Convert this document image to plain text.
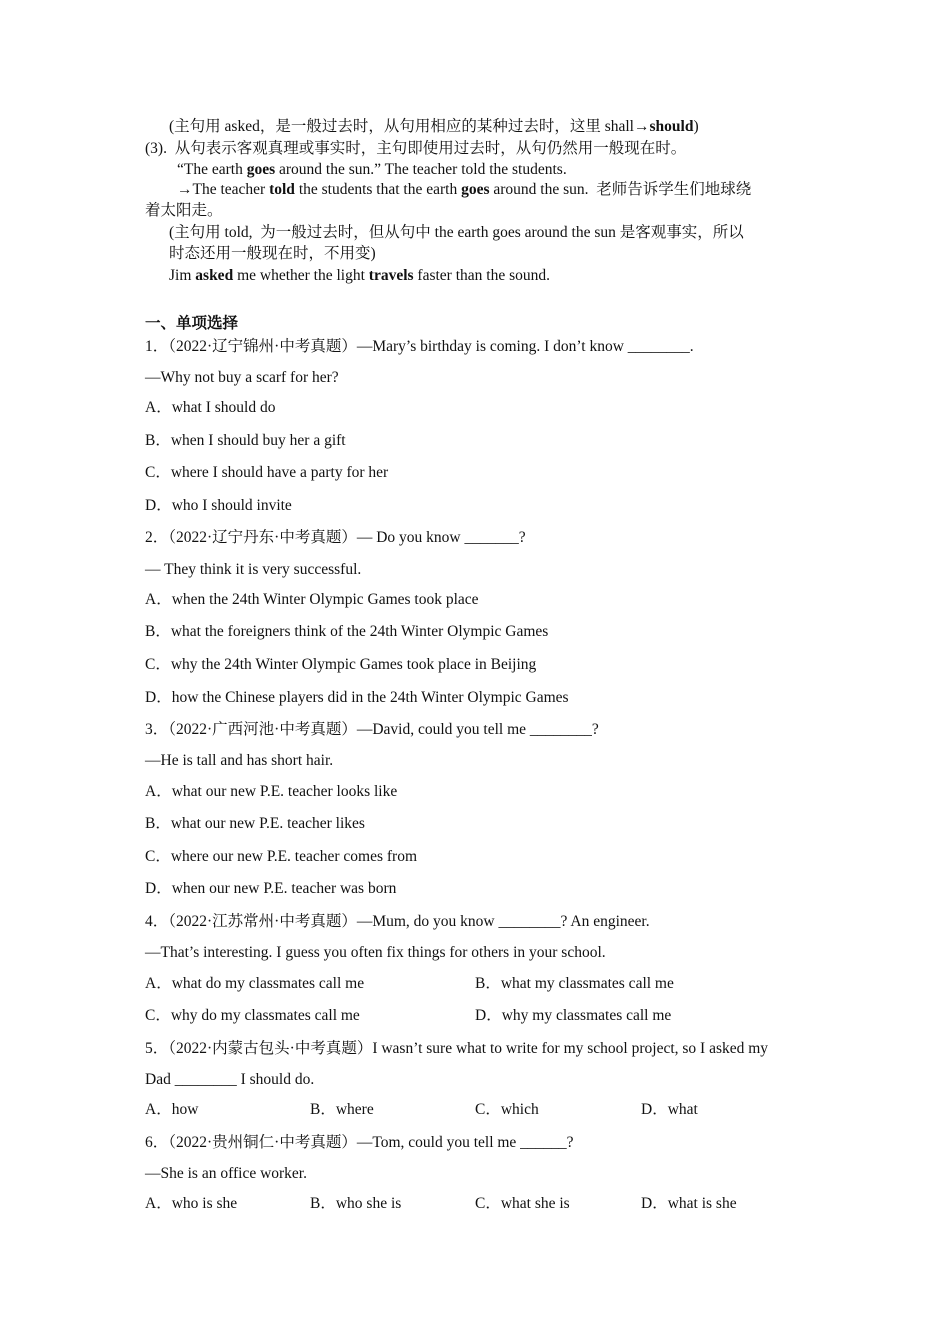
(主句用 asked，是一般过去时，从句用相应的某种过去时，这里 shall→should)
(3).  从句表示客观真理或事实时，主句即使用过去时，从句仍然用一般现在时。
“The earth goes around the sun.” The teacher told the students.
→The teacher told the students that the earth goes around the sun.  老师告诉学生们地球绕
着太阳走。
(主句用 told,  为一般过去时，但从句中 the earth goes around the sun 是客观事实，所以
时态还用一般现在时，不用变)
Jim asked me whether the light travels faster than the sound.
一、单项选择
1．（2022·辽宁锦州·中考真题）—Mary’s birthday is coming. I don’t know ________.
—Why not buy a scarf for her?
A．what I should do
B．when I should buy her a gift
C．where I should have a party for her
D．who I should invite
2．（2022·辽宁丹东·中考真题）— Do you know _______?
— They think it is very successful.
A．when the 24th Winter Olympic Games took place
B．what the foreigners think of the 24th Winter Olympic Games
C．why the 24th Winter Olympic Games took place in Beijing
D．how the Chinese players did in the 24th Winter Olympic Games
3．（2022·广西河池·中考真题）—David, could you tell me ________?
—He is tall and has short hair.
A．what our new P.E. teacher looks like
B．what our new P.E. teacher likes
C．where our new P.E. teacher comes from
D．when our new P.E. teacher was born
4．（2022·江苏常州·中考真题）—Mum, do you know ________? An engineer.
—That’s interesting. I guess you often fix things for others in your school.
A．what do my classmates call me	B．what my classmates call me
C．why do my classmates call me	D．why my classmates call me
5．（2022·内蒙古包头·中考真题）I wasn’t sure what to write for my school project, so I asked my
Dad ________ I should do.
A．how	B．where	C．which	D．what
6．（2022·贵州铜仁·中考真题）—Tom, could you tell me ______?
—She is an office worker.
A．who is she	B．who she is	C．what she is	D．what is she
